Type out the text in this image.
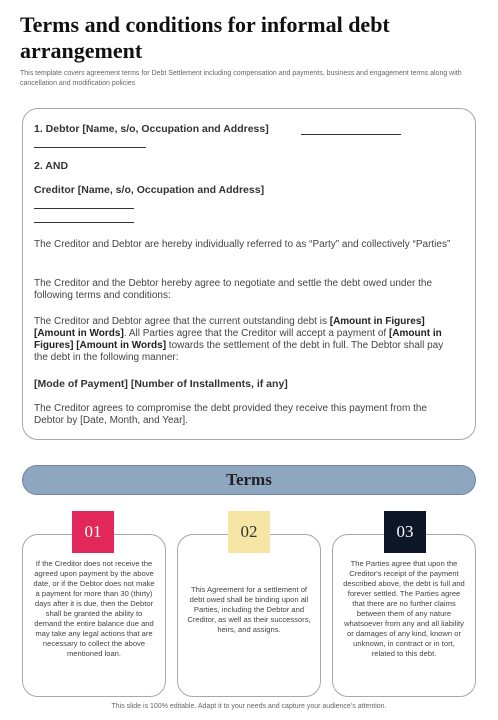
Terms and conditions for informal debt arrangement
This template covers agreement terms for Debt Settlement including compensation and payments, business and engagement terms along with cancellation and modification policies
1. Debtor [Name, s/o, Occupation and Address]
2. AND
Creditor [Name, s/o, Occupation and Address]
The Creditor and Debtor are hereby individually referred to as “Party” and collectively “Parties”
The Creditor and the Debtor hereby agree to negotiate and settle the debt owed under the following terms and conditions:
The Creditor and Debtor agree that the current outstanding debt is [Amount in Figures] [Amount in Words]. All Parties agree that the Creditor will accept a payment of [Amount in Figures] [Amount in Words] towards the settlement of the debt in full. The Debtor shall pay the debt in the following manner:
[Mode of Payment] [Number of Installments, if any]
The Creditor agrees to compromise the debt provided they receive this payment from the Debtor by [Date, Month, and Year].
Terms
If the Creditor does not receive the agreed upon payment by the above date, or if the Debtor does not make a payment for more than 30 (thirty) days after it is due, then the Debtor shall be granted the ability to demand the entire balance due and may take any legal actions that are necessary to collect the above mentioned loan.
This Agreement for a settlement of debt owed shall be binding upon all Parties, including the Debtor and Creditor, as well as their successors, heirs, and assigns.
The Parties agree that upon the Creditor's receipt of the payment described above, the debt is full and forever settled. The Parties agree that there are no further claims between them of any nature whatsoever from any and all liability or damages of any kind, known or unknown, in contract or in tort, related to this debt.
01	02	03
This slide is 100% editable. Adapt it to your needs and capture your audience’s attention.
